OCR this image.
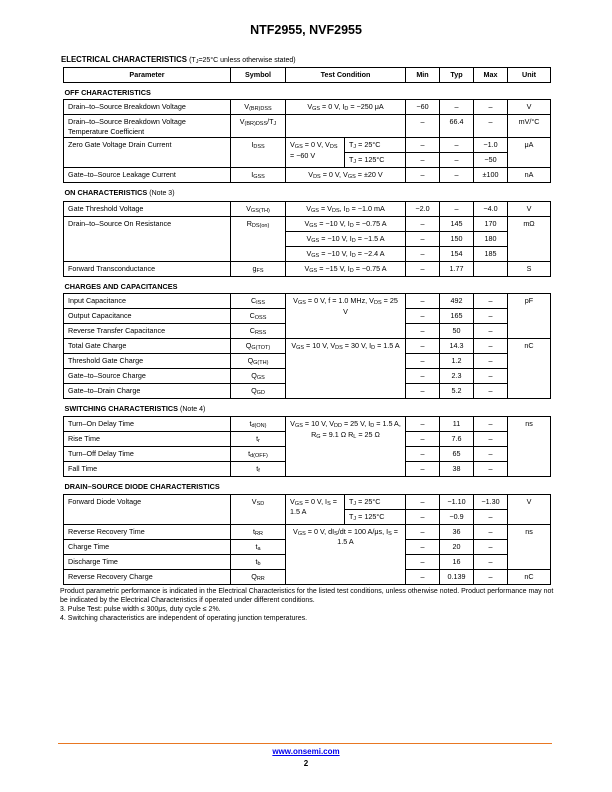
NTF2955, NVF2955
ELECTRICAL CHARACTERISTICS ($T_J=25^\circ C$ unless otherwise stated)
Parameter	Symbol	Test Condition		Min	Typ	Max	Unit
OFF CHARACTERISTICS							
Drain–to–Source Breakdown Voltage	$V_{(BR)DSS}$	$V_{GS} = 0$ V, $I_D = -250$ μA		−60	–	–	V
Drain–to–Source Breakdown Voltage Temperature Coefficient	$V_{(BR)DSS}/T_J$			–	66.4	–	mV/°C
Zero Gate Voltage Drain Current	$I_{DSS}$	$V_{GS} = 0$ V, $V_{DS} = -60$ V	$T_J = 25^\circ C$	–	–	−1.0	μA
			$T_J = 125^\circ C$	–	–	−50	
Gate–to–Source Leakage Current	$I_{GSS}$	$V_{DS} = 0$ V, $V_{GS} = \pm 20$ V		–	–	±100	nA
ON CHARACTERISTICS (Note 3)							
Gate Threshold Voltage	$V_{GS(TH)}$	$V_{GS} = V_{DS}$, $I_D = -1.0$ mA		−2.0	–	−4.0	V
Drain–to–Source On Resistance	$R_{DS(on)}$	$V_{GS} = -10$ V, $I_D = -0.75$ A		–	145	170	mΩ
		$V_{GS} = -10$ V, $I_D = -1.5$ A		–	150	180	
		$V_{GS} = -10$ V, $I_D = -2.4$ A		–	154	185	
Forward Transconductance	$g_{FS}$	$V_{GS} = -15$ V, $I_D = -0.75$ A		–	1.77		S
CHARGES AND CAPACITANCES							
Input Capacitance	$C_{ISS}$	$V_{GS} = 0$ V, f = 1.0 MHz, $V_{DS} = 25$ V		–	492	–	pF
Output Capacitance	$C_{OSS}$			–	165	–	
Reverse Transfer Capacitance	$C_{RSS}$			–	50	–	
Total Gate Charge	$Q_{G(TOT)}$	$V_{GS} = 10$ V, $V_{DS} = 30$ V, $I_D = 1.5$ A		–	14.3	–	nC
Threshold Gate Charge	$Q_{G(TH)}$			–	1.2	–	
Gate–to–Source Charge	$Q_{GS}$			–	2.3	–	
Gate–to–Drain Charge	$Q_{GD}$			–	5.2	–	
SWITCHING CHARACTERISTICS (Note 4)							
Turn–On Delay Time	$t_{d(ON)}$	$V_{GS} = 10$ V, $V_{DD} = 25$ V, $I_D = 1.5$ A, $R_G = 9.1$ Ω $R_L = 25$ Ω		–	11	–	ns
Rise Time	$t_r$			–	7.6	–	
Turn–Off Delay Time	$t_{d(OFF)}$			–	65	–	
Fall Time	$t_f$			–	38	–	
DRAIN–SOURCE DIODE CHARACTERISTICS							
Forward Diode Voltage	$V_{SD}$	$V_{GS} = 0$ V, $I_S = 1.5$ A	$T_J = 25^\circ C$	–	−1.10	−1.30	V
			$T_J = 125^\circ C$	–	−0.9	–	
Reverse Recovery Time	$t_{RR}$	$V_{GS} = 0$ V, $dI_S/dt = 100$ A/μs, $I_S = 1.5$ A		–	36	–	ns
Charge Time	$t_a$			–	20	–	
Discharge Time	$t_b$			–	16	–	
Reverse Recovery Charge	$Q_{RR}$			–	0.139	–	nC
Product parametric performance is indicated in the Electrical Characteristics for the listed test conditions, unless otherwise noted. Product performance may not be indicated by the Electrical Characteristics if operated under different conditions.
3. Pulse Test: pulse width ≤ 300μs, duty cycle ≤ 2%.
4. Switching characteristics are independent of operating junction temperatures.
www.onsemi.com
2
